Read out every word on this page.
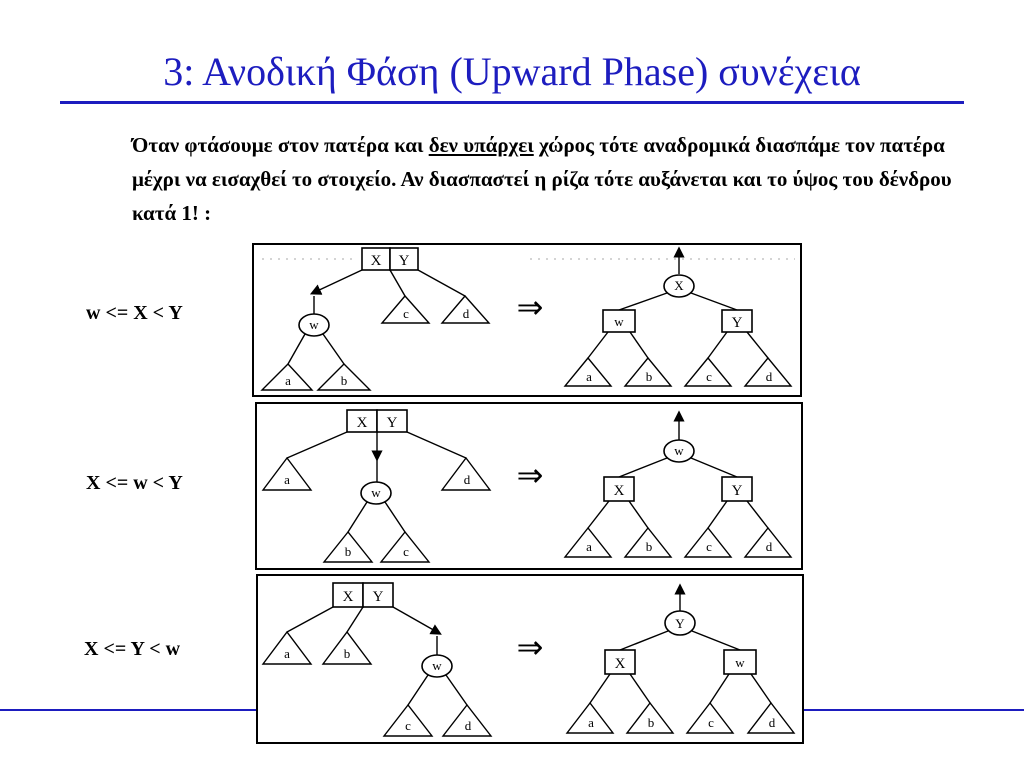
3: Ανοδική Φάση (Upward Phase) συνέχεια
Όταν φτάσουμε στον πατέρα και δεν υπάρχει χώρος τότε αναδρομικά διασπάμε τον πατέρα μέχρι να εισαχθεί το στοιχείο. Αν διασπαστεί η ρίζα τότε αυξάνεται και το ύψος του δένδρου κατά 1! :
w <= X < Y
X <= w < Y
X <= Y < w
X Y
w
c	d
a	b
⇒
X
w	Y
a	b	c	d
X Y
a	d
w
b	c
⇒
w
X	Y
a	b	c	d
X Y
a	b
w
c	d
⇒
Y
X	w
a	b	c	d
